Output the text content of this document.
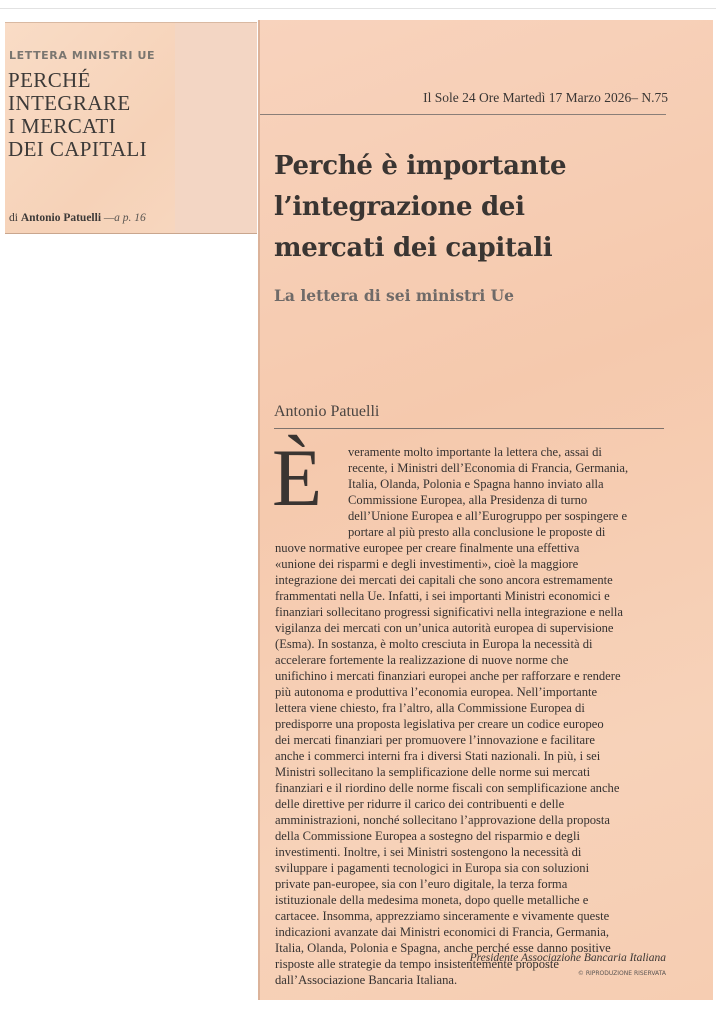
LETTERA MINISTRI UE
PERCHÉ
INTEGRARE
I MERCATI
DEI CAPITALI
di Antonio Patuelli —a p. 16
Il Sole 24 Ore Martedì 17 Marzo 2026– N.75
Perché è importante
l’integrazione dei
mercati dei capitali
La lettera di sei ministri Ue
Antonio Patuelli
È	veramente molto importante la lettera che, assai di
recente, i Ministri dell’Economia di Francia, Germania,
Italia, Olanda, Polonia e Spagna hanno inviato alla
Commissione Europea, alla Presidenza di turno
dell’Unione Europea e all’Eurogruppo per sospingere e
portare al più presto alla conclusione le proposte di
nuove normative europee per creare finalmente una effettiva
«unione dei risparmi e degli investimenti», cioè la maggiore
integrazione dei mercati dei capitali che sono ancora estremamente
frammentati nella Ue. Infatti, i sei importanti Ministri economici e
finanziari sollecitano progressi significativi nella integrazione e nella
vigilanza dei mercati con un’unica autorità europea di supervisione
(Esma). In sostanza, è molto cresciuta in Europa la necessità di
accelerare fortemente la realizzazione di nuove norme che
unifichino i mercati finanziari europei anche per rafforzare e rendere
più autonoma e produttiva l’economia europea. Nell’importante
lettera viene chiesto, fra l’altro, alla Commissione Europea di
predisporre una proposta legislativa per creare un codice europeo
dei mercati finanziari per promuovere l’innovazione e facilitare
anche i commerci interni fra i diversi Stati nazionali. In più, i sei
Ministri sollecitano la semplificazione delle norme sui mercati
finanziari e il riordino delle norme fiscali con semplificazione anche
delle direttive per ridurre il carico dei contribuenti e delle
amministrazioni, nonché sollecitano l’approvazione della proposta
della Commissione Europea a sostegno del risparmio e degli
investimenti. Inoltre, i sei Ministri sostengono la necessità di
sviluppare i pagamenti tecnologici in Europa sia con soluzioni
private pan-europee, sia con l’euro digitale, la terza forma
istituzionale della medesima moneta, dopo quelle metalliche e
cartacee. Insomma, apprezziamo sinceramente e vivamente queste
indicazioni avanzate dai Ministri economici di Francia, Germania,
Italia, Olanda, Polonia e Spagna, anche perché esse danno positive
risposte alle strategie da tempo insistentemente proposte
dall’Associazione Bancaria Italiana.
Presidente Associazione Bancaria Italiana
© RIPRODUZIONE RISERVATA
